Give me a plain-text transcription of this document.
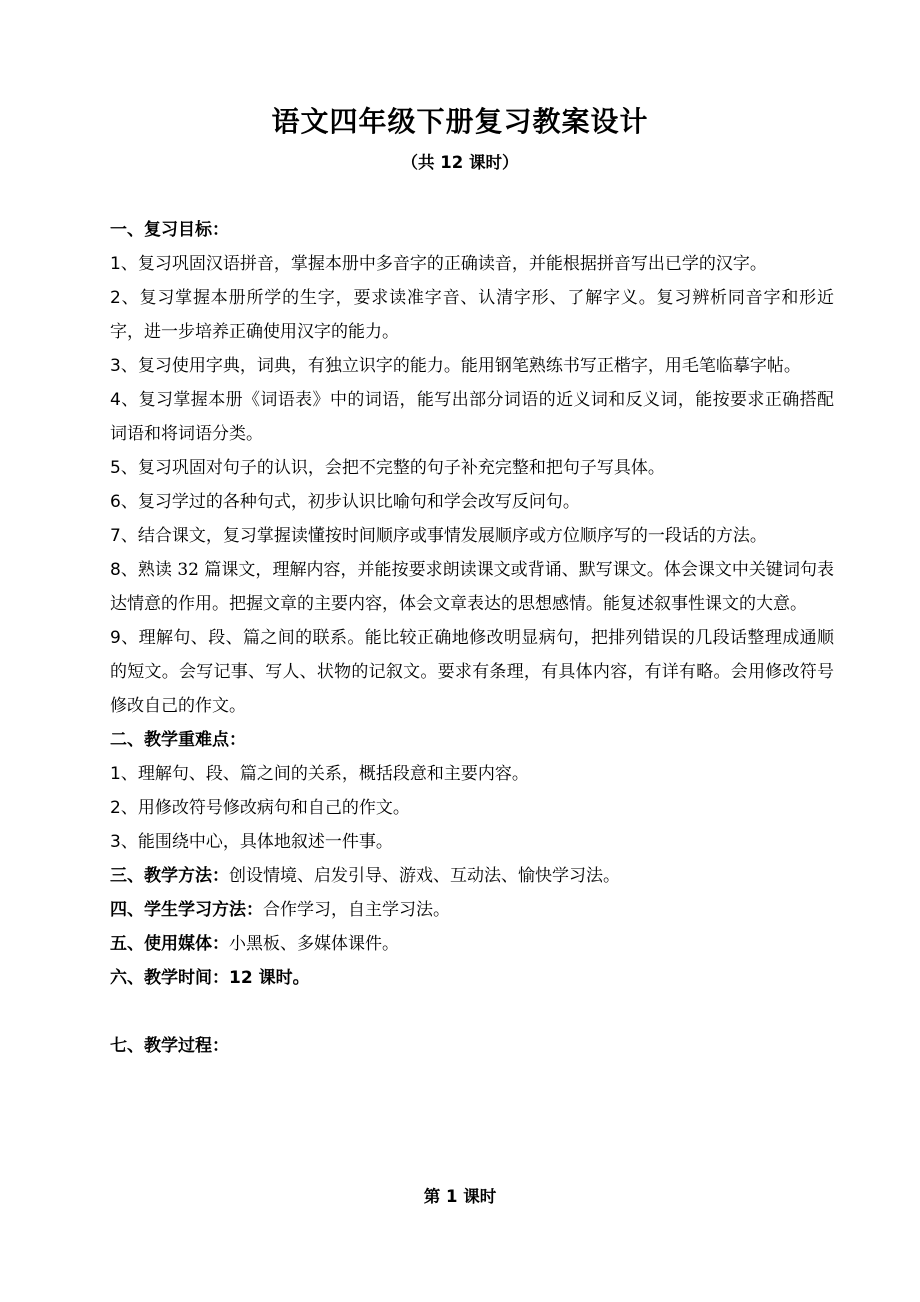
语文四年级下册复习教案设计
（共 12 课时）

一、复习目标：

1、复习巩固汉语拼音，掌握本册中多音字的正确读音，并能根据拼音写出已学的汉字。

2、复习掌握本册所学的生字，要求读准字音、认清字形、了解字义。复习辨析同音字和形近字，进一步培养正确使用汉字的能力。

3、复习使用字典，词典，有独立识字的能力。能用钢笔熟练书写正楷字，用毛笔临摹字帖。

4、复习掌握本册《词语表》中的词语，能写出部分词语的近义词和反义词，能按要求正确搭配词语和将词语分类。

5、复习巩固对句子的认识，会把不完整的句子补充完整和把句子写具体。

6、复习学过的各种句式，初步认识比喻句和学会改写反问句。

7、结合课文，复习掌握读懂按时间顺序或事情发展顺序或方位顺序写的一段话的方法。

8、熟读 32 篇课文，理解内容，并能按要求朗读课文或背诵、默写课文。体会课文中关键词句表达情意的作用。把握文章的主要内容，体会文章表达的思想感情。能复述叙事性课文的大意。

9、理解句、段、篇之间的联系。能比较正确地修改明显病句，把排列错误的几段话整理成通顺的短文。会写记事、写人、状物的记叙文。要求有条理，有具体内容，有详有略。会用修改符号修改自己的作文。

二、教学重难点：

1、理解句、段、篇之间的关系，概括段意和主要内容。

2、用修改符号修改病句和自己的作文。

3、能围绕中心，具体地叙述一件事。

三、教学方法：创设情境、启发引导、游戏、互动法、愉快学习法。

四、学生学习方法：合作学习，自主学习法。

五、使用媒体：小黑板、多媒体课件。

六、教学时间：12 课时。

七、教学过程：

第 1 课时
